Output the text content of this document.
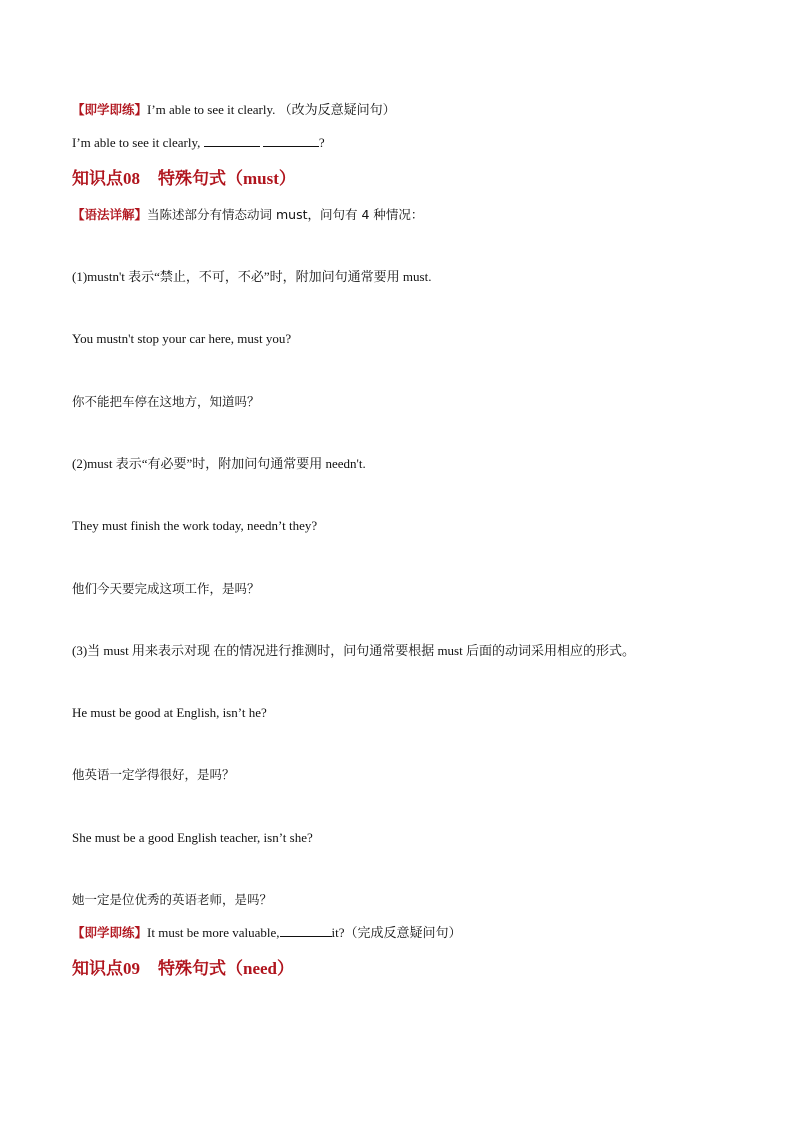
【即学即练】I’m able to see it clearly. （改为反意疑问句）
I’m able to see it clearly,	?
知识点08 特殊句式（must）
【语法详解】当陈述部分有情态动词 must，问句有 4 种情况：
(1)mustn't 表示“禁止，不可，不必”时，附加问句通常要用 must.
You mustn't stop your car here, must you?
你不能把车停在这地方，知道吗？
(2)must 表示“有必要”时，附加问句通常要用 needn't.
They must finish the work today, needn’t they?
他们今天要完成这项工作，是吗？
(3)当 must 用来表示对现 在的情况进行推测时，问句通常要根据 must 后面的动词采用相应的形式。
He must be good at English, isn’t he?
他英语一定学得很好，是吗？
She must be a good English teacher, isn’t she?
她一定是位优秀的英语老师，是吗？
【即学即练】It must be more valuable,	it?（完成反意疑问句）
知识点09 特殊句式（need）
